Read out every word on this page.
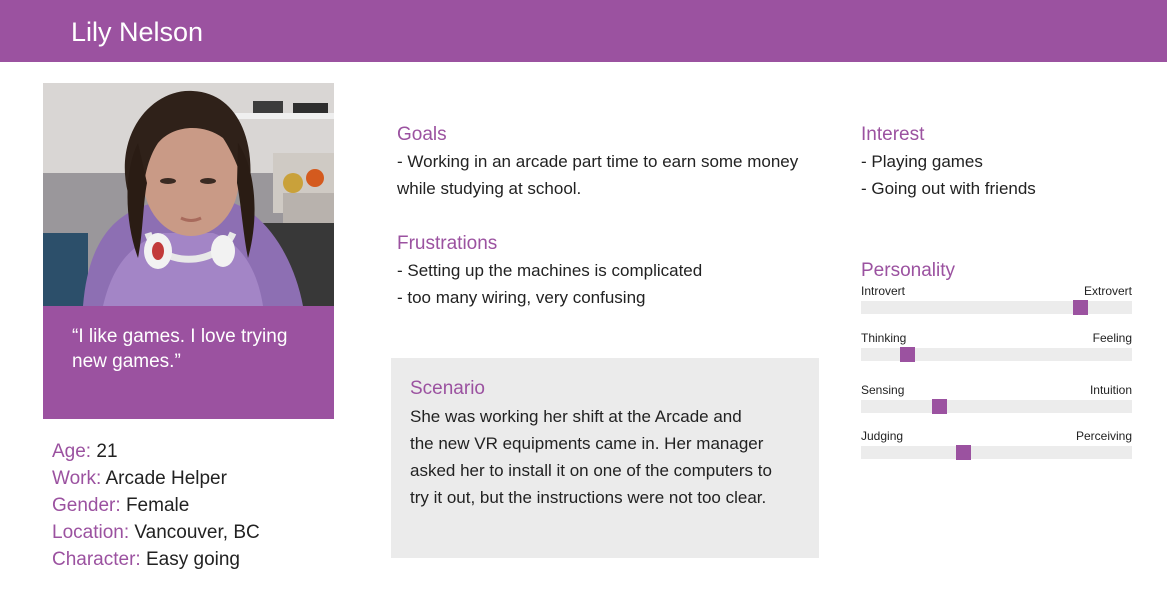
Lily Nelson
“I like games. I love trying new games.”
Age: 21
Work: Arcade Helper
Gender: Female
Location: Vancouver, BC
Character: Easy going
Goals
- Working in an arcade part time to earn some money while studying at school.
Frustrations
- Setting up the machines is complicated
- too many wiring, very confusing
Scenario
She was working her shift at the Arcade and
the new VR equipments came in. Her manager
asked her to install it on one of the computers to
try it out, but the instructions were not too clear.
Interest
- Playing games
- Going out with friends
Personality
Introvert	Extrovert
Thinking	Feeling
Sensing	Intuition
Judging	Perceiving
